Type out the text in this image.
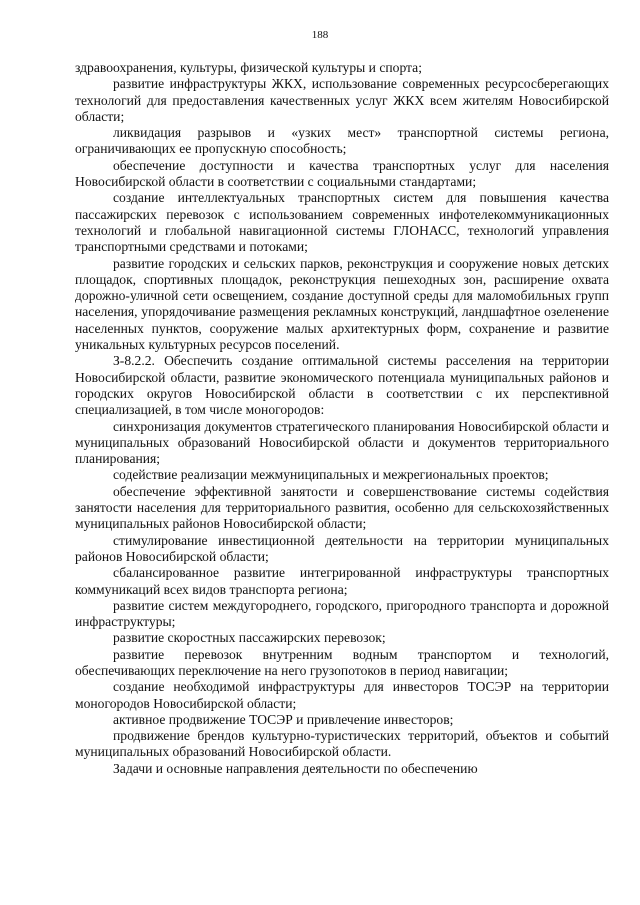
188

здравоохранения, культуры, физической культуры и спорта;

развитие инфраструктуры ЖКХ, использование современных ресурсосберегающих технологий для предоставления качественных услуг ЖКХ всем жителям Новосибирской области;

ликвидация разрывов и «узких мест» транспортной системы региона, ограничивающих ее пропускную способность;

обеспечение доступности и качества транспортных услуг для населения Новосибирской области в соответствии с социальными стандартами;

создание интеллектуальных транспортных систем для повышения качества пассажирских перевозок с использованием современных инфотелекоммуникационных технологий и глобальной навигационной системы ГЛОНАСС, технологий управления транспортными средствами и потоками;

развитие городских и сельских парков, реконструкция и сооружение новых детских площадок, спортивных площадок, реконструкция пешеходных зон, расширение охвата дорожно-уличной сети освещением, создание доступной среды для маломобильных групп населения, упорядочивание размещения рекламных конструкций, ландшафтное озеленение населенных пунктов, сооружение малых архитектурных форм, сохранение и развитие уникальных культурных ресурсов поселений.

З-8.2.2. Обеспечить создание оптимальной системы расселения на территории Новосибирской области, развитие экономического потенциала муниципальных районов и городских округов Новосибирской области в соответствии с их перспективной специализацией, в том числе моногородов:

синхронизация документов стратегического планирования Новосибирской области и муниципальных образований Новосибирской области и документов территориального планирования;

содействие реализации межмуниципальных и межрегиональных проектов;

обеспечение эффективной занятости и совершенствование системы содействия занятости населения для территориального развития, особенно для сельскохозяйственных муниципальных районов Новосибирской области;

стимулирование инвестиционной деятельности на территории муниципальных районов Новосибирской области;

сбалансированное развитие интегрированной инфраструктуры транспортных коммуникаций всех видов транспорта региона;

развитие систем междугороднего, городского, пригородного транспорта и дорожной инфраструктуры;

развитие скоростных пассажирских перевозок;

развитие перевозок внутренним водным транспортом и технологий, обеспечивающих переключение на него грузопотоков в период навигации;

создание необходимой инфраструктуры для инвесторов ТОСЭР на территории моногородов Новосибирской области;

активное продвижение ТОСЭР и привлечение инвесторов;

продвижение брендов культурно-туристических территорий, объектов и событий муниципальных образований Новосибирской области.

Задачи и основные направления деятельности по обеспечению
